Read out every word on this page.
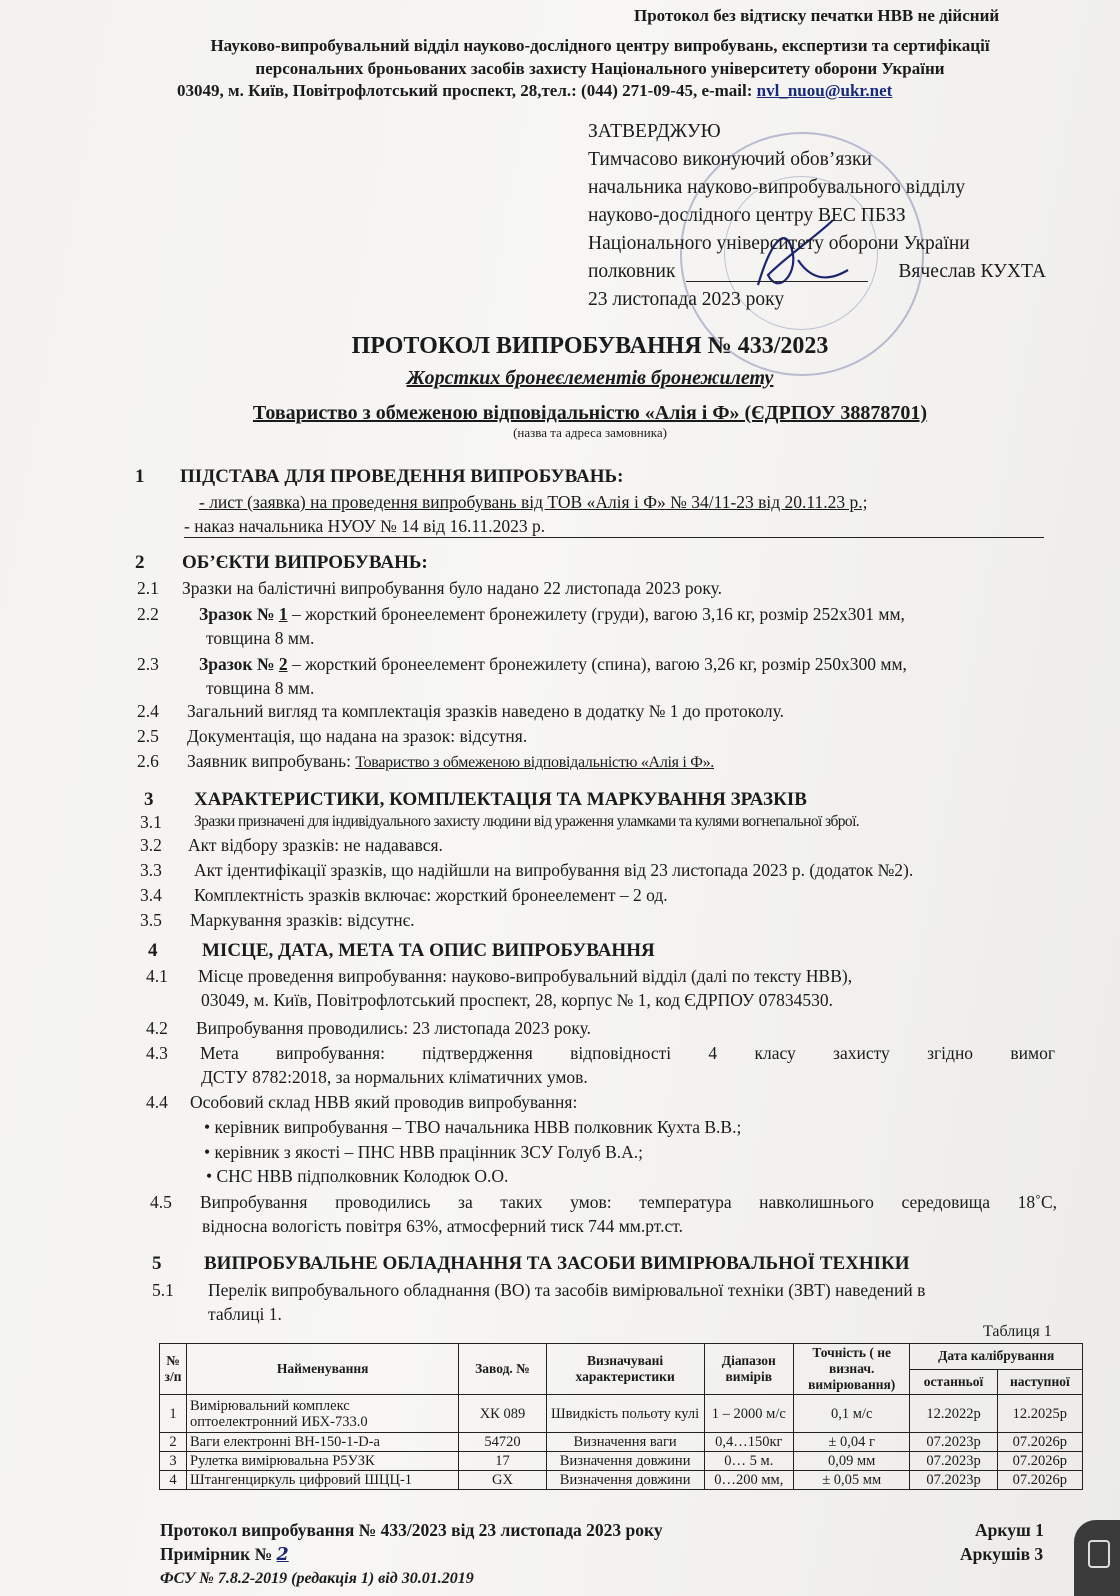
Протокол без відтиску печатки НВВ не дійсний
Науково-випробувальний відділ науково-дослідного центру випробувань, експертизи та сертифікації
персональних броньованих засобів захисту Національного університету оборони України
03049, м. Київ, Повітрофлотський проспект, 28,тел.: (044) 271-09-45, e-mail: nvl_nuou@ukr.net
ЗАТВЕРДЖУЮ
Тимчасово виконуючий обов’язки
начальника науково-випробувального відділу
науково-дослідного центру ВЕС ПБЗЗ
Національного університету оборони України
полковник	Вячеслав КУХТА
23 листопада 2023 року
ПРОТОКОЛ ВИПРОБУВАННЯ № 433/2023
Жорстких бронеєлементів бронежилету
Товариство з обмеженою відповідальністю «Алія і Ф» (ЄДРПОУ 38878701)
(назва та адреса замовника)
1 ПІДСТАВА ДЛЯ ПРОВЕДЕННЯ ВИПРОБУВАНЬ:
- лист (заявка) на проведення випробувань від ТОВ «Алія і Ф» № 34/11-23 від 20.11.23 р.;
- наказ начальника НУОУ № 14 від 16.11.2023 р.
2 ОБ’ЄКТИ ВИПРОБУВАНЬ:
2.1 Зразки на балістичні випробування було надано 22 листопада 2023 року.
2.2 Зразок № 1 – жорсткий бронеелемент бронежилету (груди), вагою 3,16 кг, розмір 252х301 мм,
товщина 8 мм.
2.3 Зразок № 2 – жорсткий бронеелемент бронежилету (спина), вагою 3,26 кг, розмір 250х300 мм,
товщина 8 мм.
2.4 Загальний вигляд та комплектація зразків наведено в додатку № 1 до протоколу.
2.5 Документація, що надана на зразок: відсутня.
2.6 Заявник випробувань: Товариство з обмеженою відповідальністю «Алія і Ф».
3 ХАРАКТЕРИСТИКИ, КОМПЛЕКТАЦІЯ ТА МАРКУВАННЯ ЗРАЗКІВ
3.1 Зразки призначені для індивідуального захисту людини від ураження уламками та кулями вогнепальної зброї.
3.2 Акт відбору зразків: не надавався.
3.3 Акт ідентифікації зразків, що надійшли на випробування від 23 листопада 2023 р. (додаток №2).
3.4 Комплектність зразків включає: жорсткий бронеелемент – 2 од.
3.5 Маркування зразків: відсутнє.
4 МІСЦЕ, ДАТА, МЕТА ТА ОПИС ВИПРОБУВАННЯ
4.1 Місце проведення випробування: науково-випробувальний відділ (далі по тексту НВВ),
03049, м. Київ, Повітрофлотський проспект, 28, корпус № 1, код ЄДРПОУ 07834530.
4.2 Випробування проводились: 23 листопада 2023 року.
4.3 Мета випробування: підтвердження відповідності 4 класу захисту згідно вимог
ДСТУ 8782:2018, за нормальних кліматичних умов.
4.4 Особовий склад НВВ який проводив випробування:
• керівник випробування – ТВО начальника НВВ полковник Кухта В.В.;
• керівник з якості – ПНС НВВ працінник ЗСУ Голуб В.А.;
• СНС НВВ підполковник Колодюк О.О.
4.5 Випробування проводились за таких умов: температура навколишнього середовища 18˚С,
відносна вологість повітря 63%, атмосферний тиск 744 мм.рт.ст.
5 ВИПРОБУВАЛЬНЕ ОБЛАДНАННЯ ТА ЗАСОБИ ВИМІРЮВАЛЬНОЇ ТЕХНІКИ
5.1 Перелік випробувального обладнання (ВО) та засобів вимірювальної техніки (ЗВТ) наведений в
таблиці 1.
Таблиця 1
№ з/п	Найменування	Завод. №	Визначувані характеристики	Діапазон вимірів	Точність ( не визнач. вимірювання)	Дата калібрування	
						останньої	наступної
1	Вимірювальний комплекс оптоелектронний ИБХ-733.0	ХК 089	Швидкість польоту кулі	1 – 2000 м/с	0,1 м/с	12.2022р	12.2025р
2	Ваги електронні ВН-150-1-D-а	54720	Визначення ваги	0,4…150кг	± 0,04 г	07.2023р	07.2026р
3	Рулетка вимірювальна Р5УЗК	17	Визначення довжини	0… 5 м.	0,09 мм	07.2023р	07.2026р
4	Штангенциркуль цифровий ШЦЦ-1	GX	Визначення довжини	0…200 мм,	± 0,05 мм	07.2023р	07.2026р
Протокол випробування № 433/2023 від 23 листопада 2023 року
Примірник № 2
ФСУ № 7.8.2-2019 (редакція 1) від 30.01.2019
Аркуш 1
Аркушів 3
